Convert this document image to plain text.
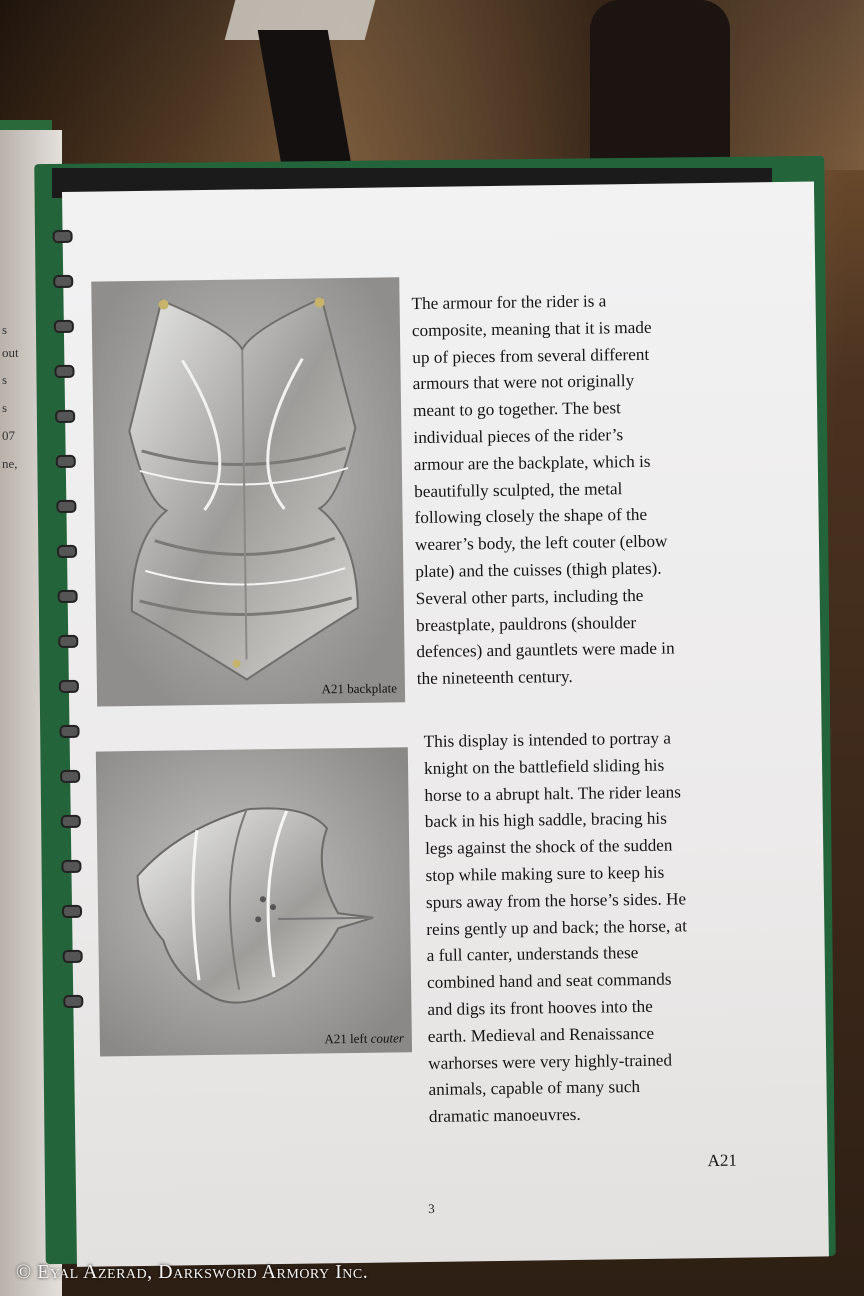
s
out
s
s
07
ne,
A21 backplate
A21 left couter
The armour for the rider is a
composite, meaning that it is made
up of pieces from several different
armours that were not originally
meant to go together. The best
individual pieces of the rider’s
armour are the backplate, which is
beautifully sculpted, the metal
following closely the shape of the
wearer’s body, the left couter (elbow
plate) and the cuisses (thigh plates).
Several other parts, including the
breastplate, pauldrons (shoulder
defences) and gauntlets were made in
the nineteenth century.
This display is intended to portray a
knight on the battlefield sliding his
horse to a abrupt halt. The rider leans
back in his high saddle, bracing his
legs against the shock of the sudden
stop while making sure to keep his
spurs away from the horse’s sides. He
reins gently up and back; the horse, at
a full canter, understands these
combined hand and seat commands
and digs its front hooves into the
earth. Medieval and Renaissance
warhorses were very highly-trained
animals, capable of many such
dramatic manoeuvres.
A21
3
© Eyal Azerad, Darksword Armory Inc.
